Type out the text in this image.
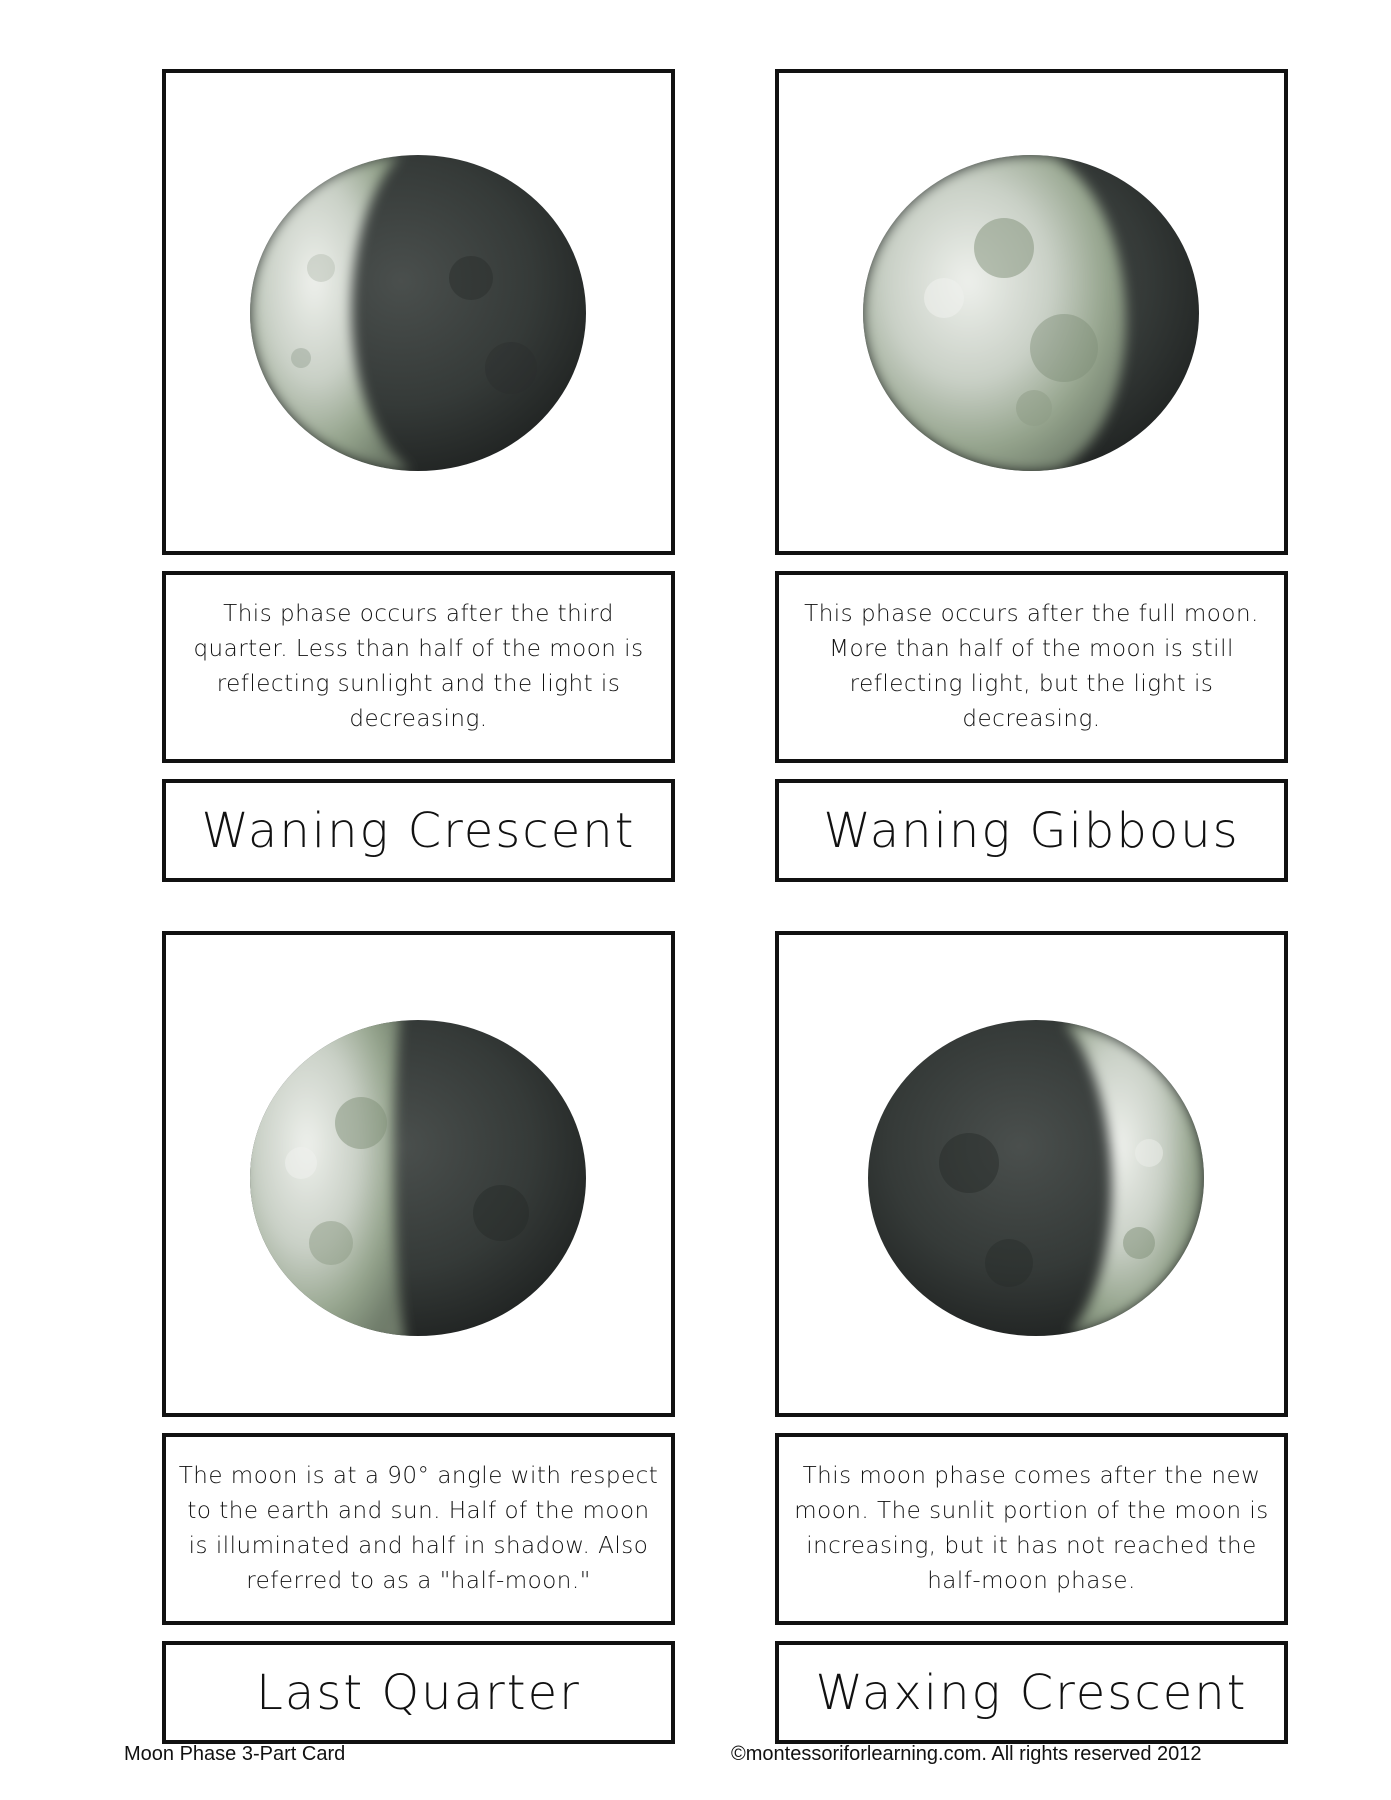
This phase occurs after the third quarter. Less than half of the moon is reflecting sunlight and the light is decreasing.
Waning Crescent
This phase occurs after the full moon. More than half of the moon is still reflecting light, but the light is decreasing.
Waning Gibbous
The moon is at a 90° angle with respect to the earth and sun. Half of the moon is illuminated and half in shadow. Also referred to as a "half-moon."
Last Quarter
This moon phase comes after the new moon. The sunlit portion of the moon is increasing, but it has not reached the half-moon phase.
Waxing Crescent
Moon Phase 3-Part Card	©montessoriforlearning.com. All rights reserved 2012
